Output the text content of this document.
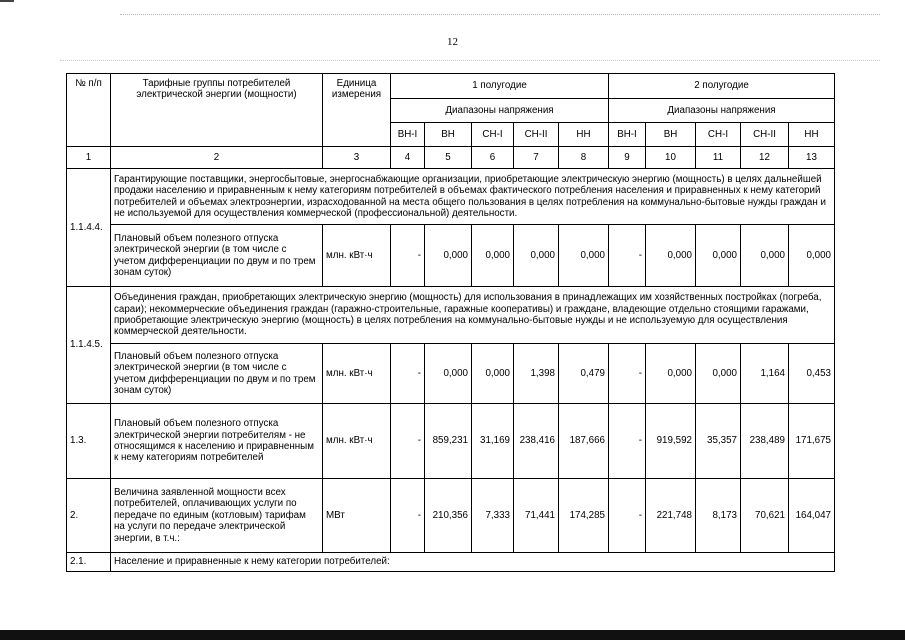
12
№ п/п	Тарифные группы потребителей электрической энергии (мощности)	Единица измерения	1 полугодие					2 полугодие				
			Диапазоны напряжения					Диапазоны напряжения				
			ВН-I	ВН	СН-I	СН-II	НН	ВН-I	ВН	СН-I	СН-II	НН
1	2	3	4	5	6	7	8	9	10	11	12	13
1.1.4.4.	Гарантирующие поставщики, энергосбытовые, энергоснабжающие организации, приобретающие электрическую энергию (мощность) в целях дальнейшей продажи населению и приравненным к нему категориям потребителей в объемах фактического потребления населения и приравненных к нему категорий потребителей и объемах электроэнергии, израсходованной на места общего пользования в целях потребления на коммунально-бытовые нужды граждан и не используемой для осуществления коммерческой (профессиональной) деятельности.											
	Плановый объем полезного отпуска электрической энергии (в том числе с учетом дифференциации по двум и по трем зонам суток)	млн. кВт·ч	-	0,000	0,000	0,000	0,000	-	0,000	0,000	0,000	0,000
1.1.4.5.	Объединения граждан, приобретающих электрическую энергию (мощность) для использования в принадлежащих им хозяйственных постройках (погреба, сараи); некоммерческие объединения граждан (гаражно-строительные, гаражные кооперативы) и граждане, владеющие отдельно стоящими гаражами, приобретающие электрическую энергию (мощность) в целях потребления на коммунально-бытовые нужды и не используемую для осуществления коммерческой деятельности.											
	Плановый объем полезного отпуска электрической энергии (в том числе с учетом дифференциации по двум и по трем зонам суток)	млн. кВт·ч	-	0,000	0,000	1,398	0,479	-	0,000	0,000	1,164	0,453
1.3.	Плановый объем полезного отпуска электрической энергии потребителям - не относящимся к населению и приравненным к нему категориям потребителей	млн. кВт·ч	-	859,231	31,169	238,416	187,666	-	919,592	35,357	238,489	171,675
2.	Величина заявленной мощности всех потребителей, оплачивающих услуги по передаче по единым (котловым) тарифам на услуги по передаче электрической энергии, в т.ч.:	МВт	-	210,356	7,333	71,441	174,285	-	221,748	8,173	70,621	164,047
2.1.	Население и приравненные к нему категории потребителей:											
